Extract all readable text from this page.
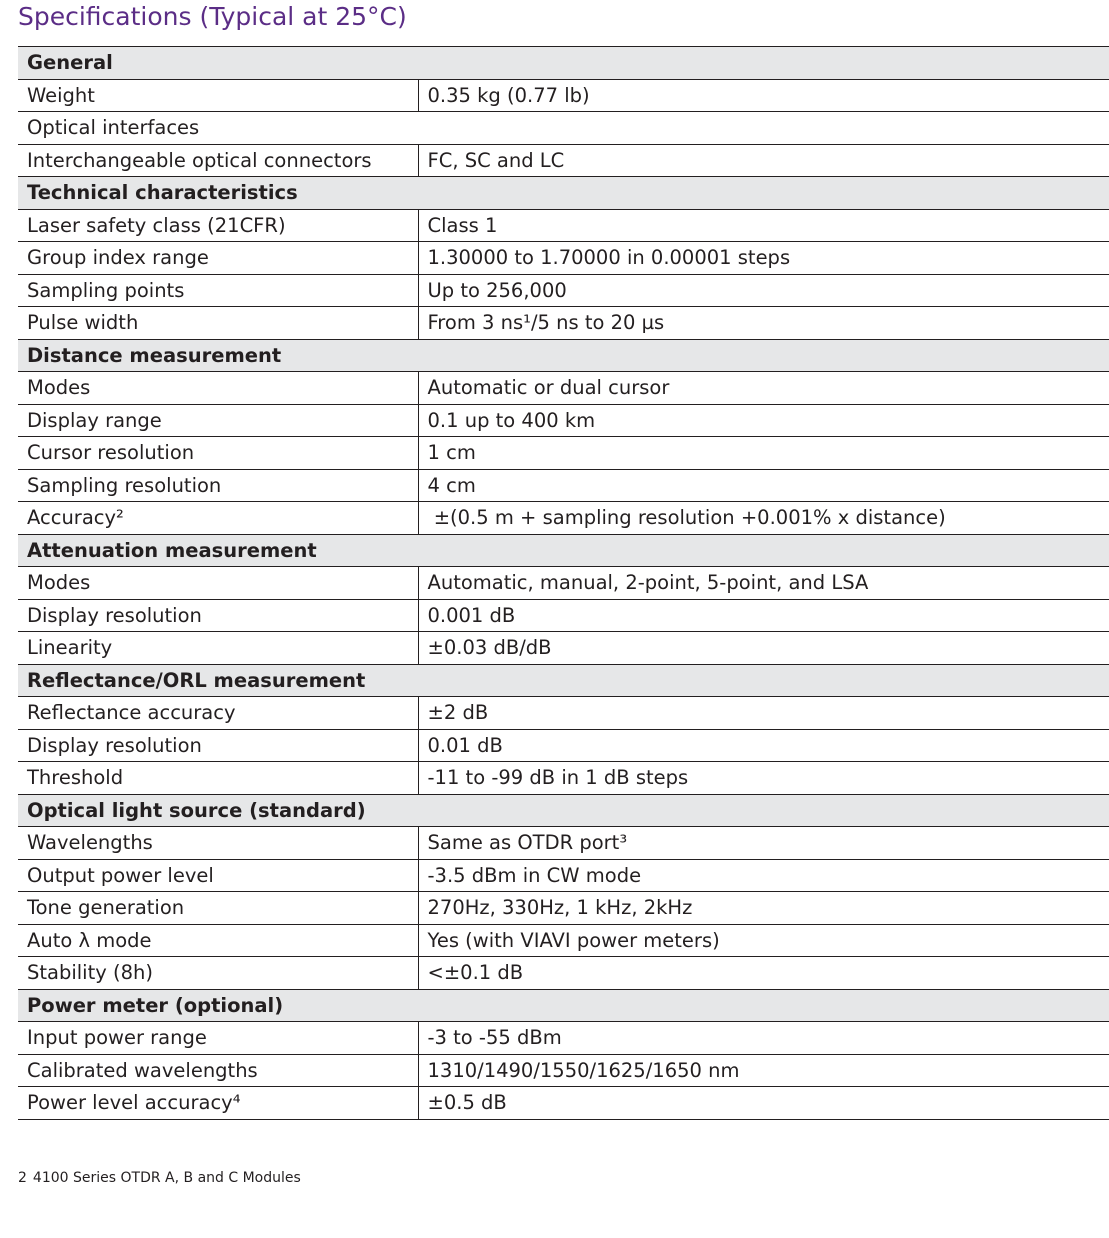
Specifications (Typical at 25°C)
General	
Weight	0.35 kg (0.77 lb)
Optical interfaces	
Interchangeable optical connectors	FC, SC and LC
Technical characteristics	
Laser safety class (21CFR)	Class 1
Group index range	1.30000 to 1.70000 in 0.00001 steps
Sampling points	Up to 256,000
Pulse width	From 3 ns¹/5 ns to 20 µs
Distance measurement	
Modes	Automatic or dual cursor
Display range	0.1 up to 400 km
Cursor resolution	1 cm
Sampling resolution	4 cm
Accuracy²	±(0.5 m + sampling resolution +0.001% x distance)
Attenuation measurement	
Modes	Automatic, manual, 2-point, 5-point, and LSA
Display resolution	0.001 dB
Linearity	±0.03 dB/dB
Reflectance/ORL measurement	
Reflectance accuracy	±2 dB
Display resolution	0.01 dB
Threshold	-11 to -99 dB in 1 dB steps
Optical light source (standard)	
Wavelengths	Same as OTDR port³
Output power level	-3.5 dBm in CW mode
Tone generation	270Hz, 330Hz, 1 kHz, 2kHz
Auto λ mode	Yes (with VIAVI power meters)
Stability (8h)	<±0.1 dB
Power meter (optional)	
Input power range	-3 to -55 dBm
Calibrated wavelengths	1310/1490/1550/1625/1650 nm
Power level accuracy⁴	±0.5 dB
2 4100 Series OTDR A, B and C Modules
